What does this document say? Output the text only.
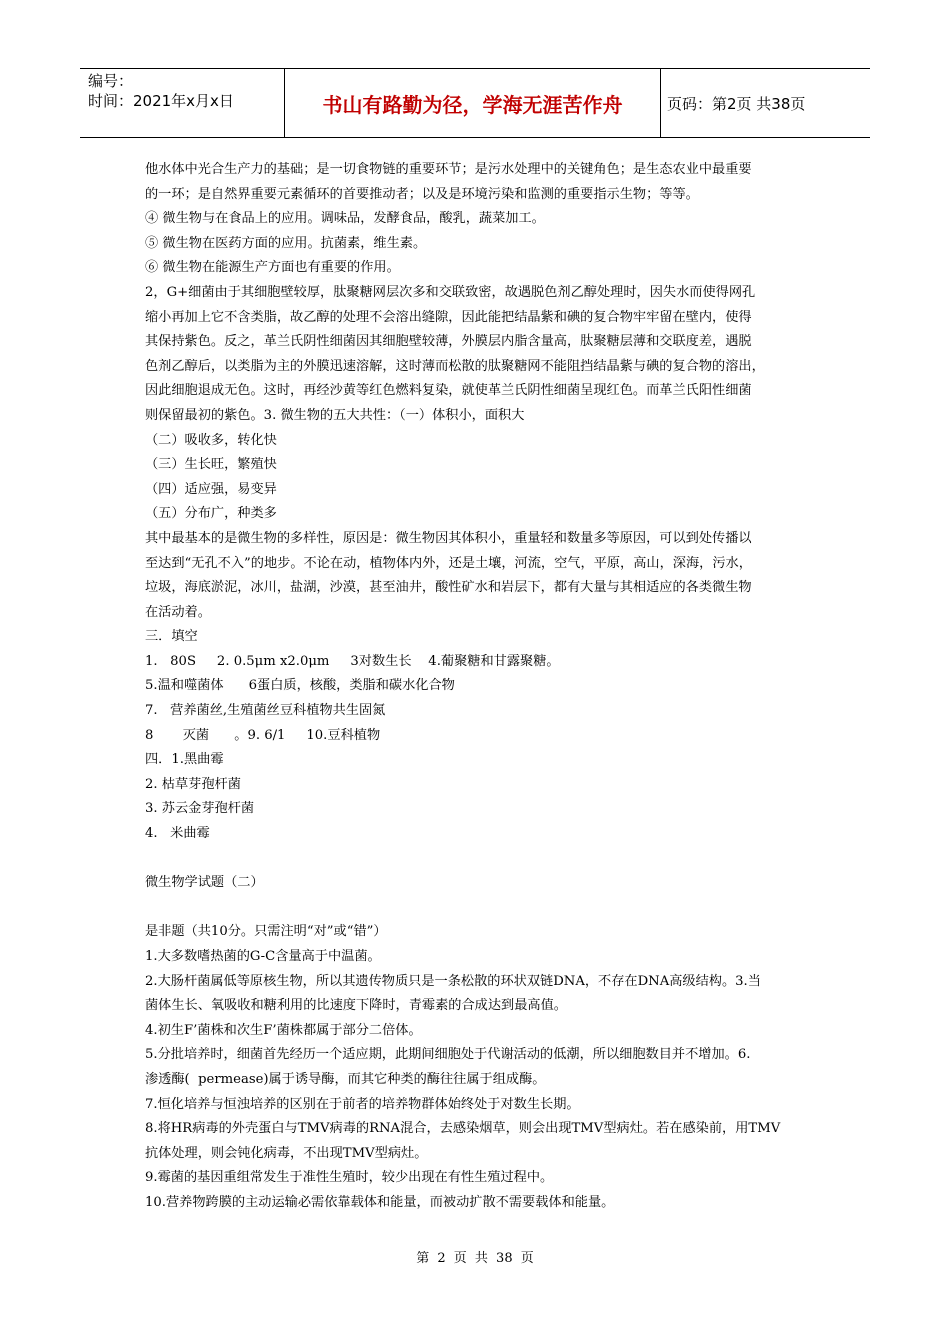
编号：
时间：2021年x月x日	书山有路勤为径，学海无涯苦作舟	页码：第2页 共38页

他水体中光合生产力的基础；是一切食物链的重要环节；是污水处理中的关键角色；是生态农业中最重要

的一环；是自然界重要元素循环的首要推动者；以及是环境污染和监测的重要指示生物；等等。

④ 微生物与在食品上的应用。调味品，发酵食品，酸乳，蔬菜加工。

⑤ 微生物在医药方面的应用。抗菌素，维生素。

⑥ 微生物在能源生产方面也有重要的作用。

2，G+细菌由于其细胞壁较厚，肽聚糖网层次多和交联致密，故遇脱色剂乙醇处理时，因失水而使得网孔

缩小再加上它不含类脂，故乙醇的处理不会溶出缝隙，因此能把结晶紫和碘的复合物牢牢留在壁内，使得

其保持紫色。反之，革兰氏阴性细菌因其细胞壁较薄，外膜层内脂含量高，肽聚糖层薄和交联度差，遇脱

色剂乙醇后，以类脂为主的外膜迅速溶解，这时薄而松散的肽聚糖网不能阻挡结晶紫与碘的复合物的溶出，

因此细胞退成无色。这时，再经沙黄等红色燃料复染，就使革兰氏阴性细菌呈现红色。而革兰氏阳性细菌

则保留最初的紫色。3. 微生物的五大共性：（一）体积小，面积大

（二）吸收多，转化快

（三）生长旺，繁殖快

（四）适应强，易变异

（五）分布广，种类多

其中最基本的是微生物的多样性，原因是：微生物因其体积小，重量轻和数量多等原因，可以到处传播以

至达到“无孔不入”的地步。不论在动，植物体内外，还是土壤，河流，空气，平原，高山，深海，污水，

垃圾，海底淤泥，冰川，盐湖，沙漠，甚至油井，酸性矿水和岩层下，都有大量与其相适应的各类微生物

在活动着。

三．填空

1.   80S     2. 0.5μm x2.0μm     3对数生长    4.葡聚糖和甘露聚糖。

5.温和噬菌体      6蛋白质，核酸，类脂和碳水化合物

7.   营养菌丝,生殖菌丝豆科植物共生固氮

8       灭菌      。9. 6/1     10.豆科植物

四．1.黑曲霉

2. 枯草芽孢杆菌

3. 苏云金芽孢杆菌

4.   米曲霉

微生物学试题（二）

是非题（共10分。只需注明“对”或“错”）

1.大多数嗜热菌的G-C含量高于中温菌。

2.大肠杆菌属低等原核生物，所以其遗传物质只是一条松散的环状双链DNA，不存在DNA高级结构。3.当

菌体生长、氧吸收和糖利用的比速度下降时，青霉素的合成达到最高值。

4.初生F’菌株和次生F’菌株都属于部分二倍体。

5.分批培养时，细菌首先经历一个适应期，此期间细胞处于代谢活动的低潮，所以细胞数目并不增加。6.

渗透酶(  permease)属于诱导酶，而其它种类的酶往往属于组成酶。

7.恒化培养与恒浊培养的区别在于前者的培养物群体始终处于对数生长期。

8.将HR病毒的外壳蛋白与TMV病毒的RNA混合，去感染烟草，则会出现TMV型病灶。若在感染前，用TMV

抗体处理，则会钝化病毒，不出现TMV型病灶。

9.霉菌的基因重组常发生于准性生殖时，较少出现在有性生殖过程中。

10.营养物跨膜的主动运输必需依靠载体和能量，而被动扩散不需要载体和能量。

第 2 页 共 38 页
